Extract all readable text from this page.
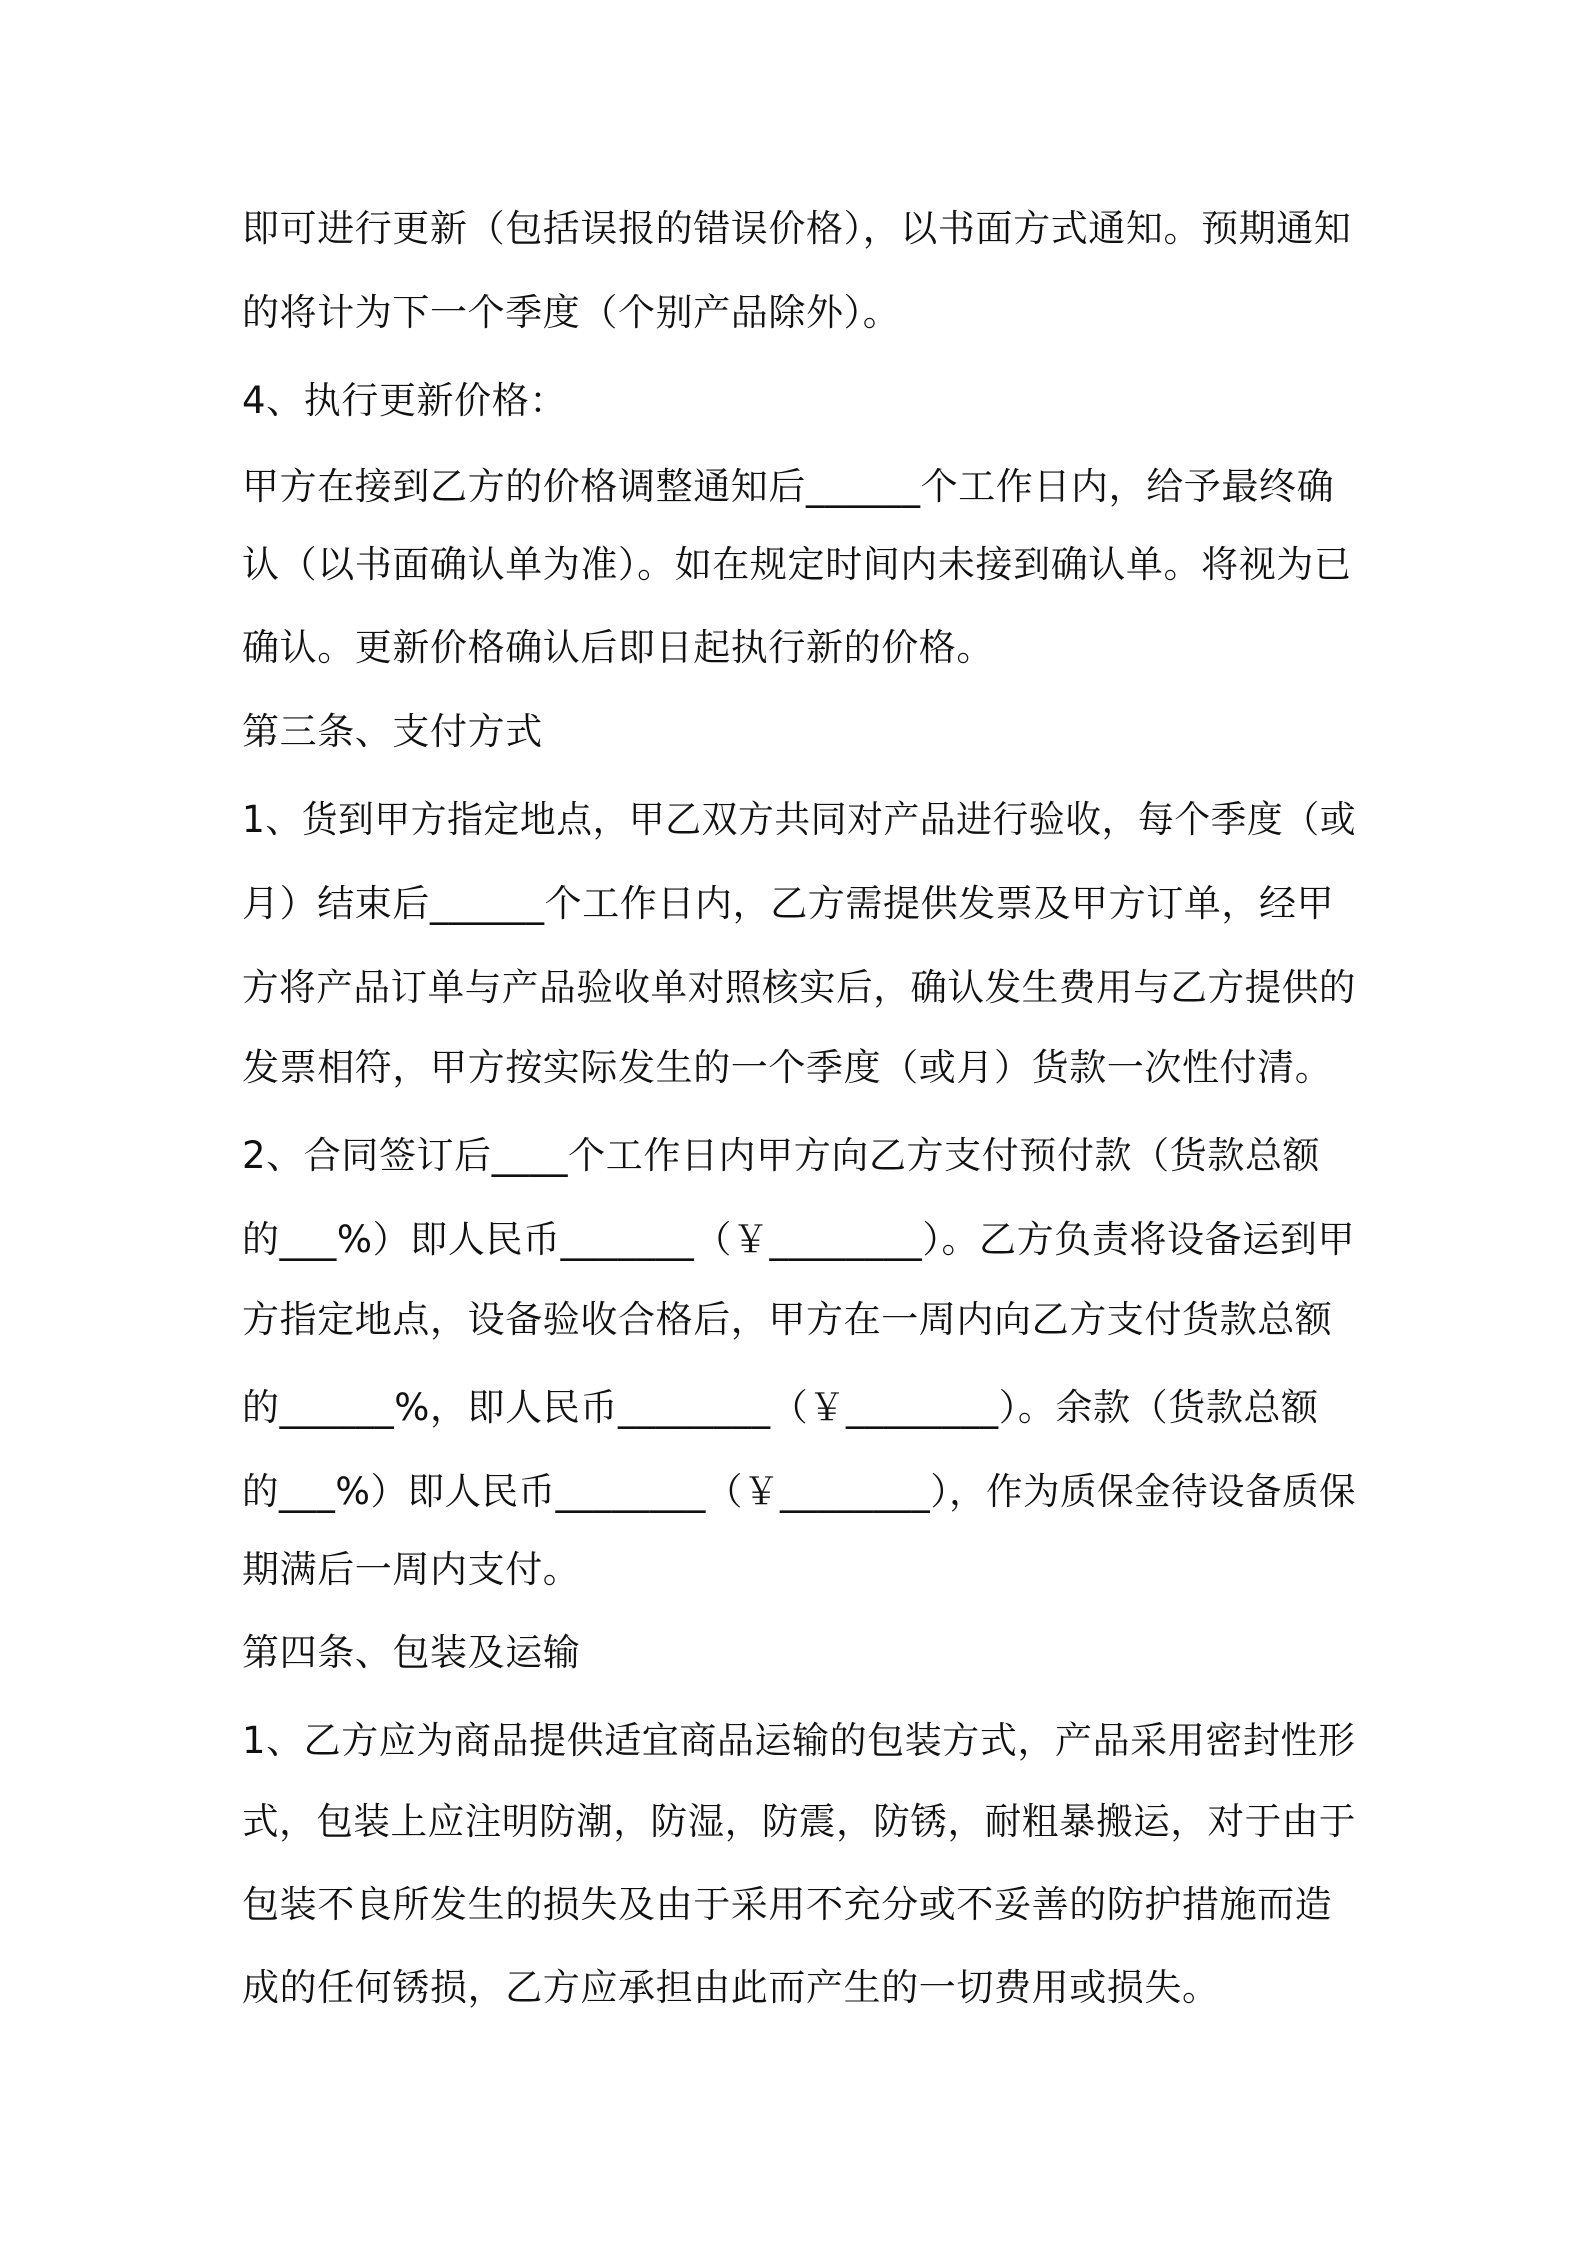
即可进行更新（包括误报的错误价格），以书面方式通知。预期通知
的将计为下一个季度（个别产品除外）。
4、执行更新价格：
甲方在接到乙方的价格调整通知后______个工作日内，给予最终确
认（以书面确认单为准）。如在规定时间内未接到确认单。将视为已
确认。更新价格确认后即日起执行新的价格。
第三条、支付方式
1、货到甲方指定地点，甲乙双方共同对产品进行验收，每个季度（或
月）结束后______个工作日内，乙方需提供发票及甲方订单，经甲
方将产品订单与产品验收单对照核实后，确认发生费用与乙方提供的
发票相符，甲方按实际发生的一个季度（或月）货款一次性付清。
2、合同签订后____个工作日内甲方向乙方支付预付款（货款总额
的___%）即人民币_______（￥________）。乙方负责将设备运到甲
方指定地点，设备验收合格后，甲方在一周内向乙方支付货款总额
的______%，即人民币________（￥________）。余款（货款总额
的___%）即人民币________（￥________），作为质保金待设备质保
期满后一周内支付。
第四条、包装及运输
1、乙方应为商品提供适宜商品运输的包装方式，产品采用密封性形
式，包装上应注明防潮，防湿，防震，防锈，耐粗暴搬运，对于由于
包装不良所发生的损失及由于采用不充分或不妥善的防护措施而造
成的任何锈损，乙方应承担由此而产生的一切费用或损失。
